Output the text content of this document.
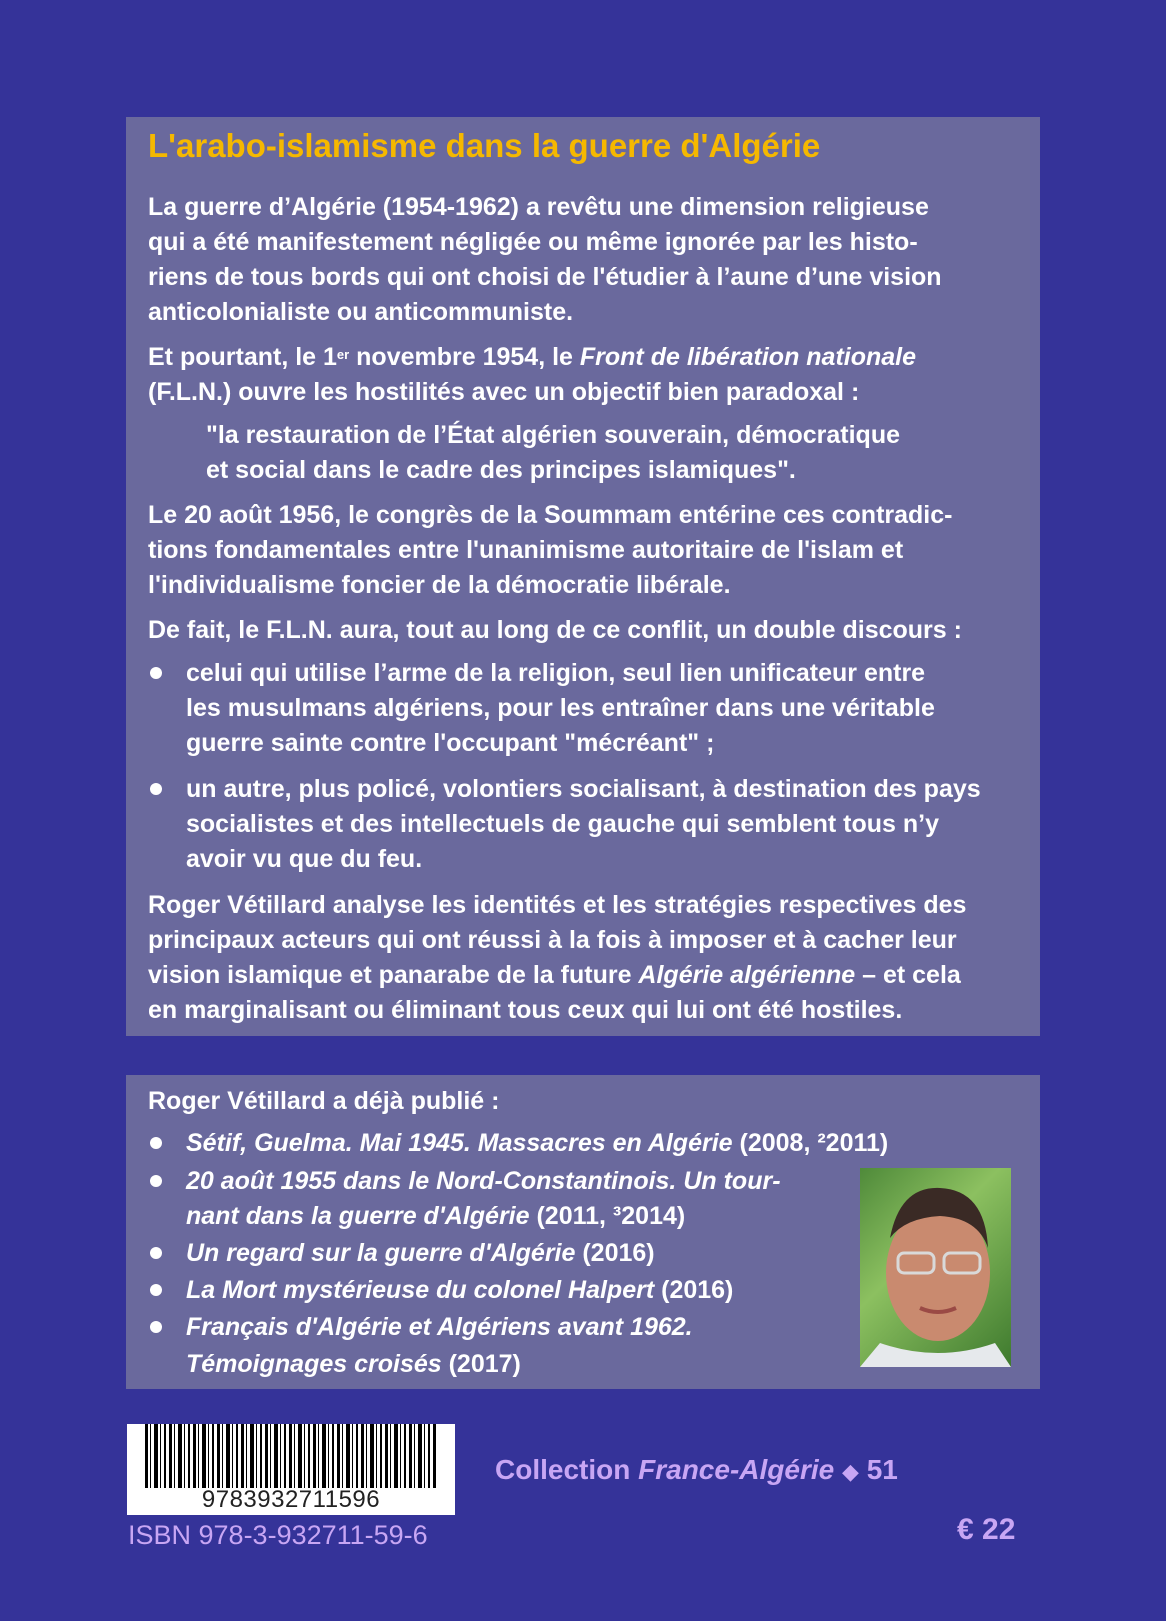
L'arabo-islamisme dans la guerre d'Algérie
La guerre d’Algérie (1954-1962) a revêtu une dimension religieuse
qui a été manifestement négligée ou même ignorée par les histo-
riens de tous bords qui ont choisi de l'étudier à l’aune d’une vision
anticolonialiste ou anticommuniste.
Et pourtant, le 1er novembre 1954, le Front de libération nationale
(F.L.N.) ouvre les hostilités avec un objectif bien paradoxal :
"la restauration de l’État algérien souverain, démocratique
et social dans le cadre des principes islamiques".
Le 20 août 1956, le congrès de la Soummam entérine ces contradic-
tions fondamentales entre l'unanimisme autoritaire de l'islam et
l'individualisme foncier de la démocratie libérale.
De fait, le F.L.N. aura, tout au long de ce conflit, un double discours :
celui qui utilise l’arme de la religion, seul lien unificateur entre
les musulmans algériens, pour les entraîner dans une véritable
guerre sainte contre l'occupant "mécréant" ;
un autre, plus policé, volontiers socialisant, à destination des pays
socialistes et des intellectuels de gauche qui semblent tous n’y
avoir vu que du feu.
Roger Vétillard analyse les identités et les stratégies respectives des
principaux acteurs qui ont réussi à la fois à imposer et à cacher leur
vision islamique et panarabe de la future Algérie algérienne – et cela
en marginalisant ou éliminant tous ceux qui lui ont été hostiles.
Roger Vétillard a déjà publié :
Sétif, Guelma. Mai 1945. Massacres en Algérie (2008, ²2011)
20 août 1955 dans le Nord-Constantinois. Un tour-
nant dans la guerre d'Algérie (2011, ³2014)
Un regard sur la guerre d'Algérie (2016)
La Mort mystérieuse du colonel Halpert (2016)
Français d'Algérie et Algériens avant 1962.
Témoignages croisés (2017)
9783932711596
ISBN 978-3-932711-59-6
Collection France-Algérie ◆ 51
€ 22
